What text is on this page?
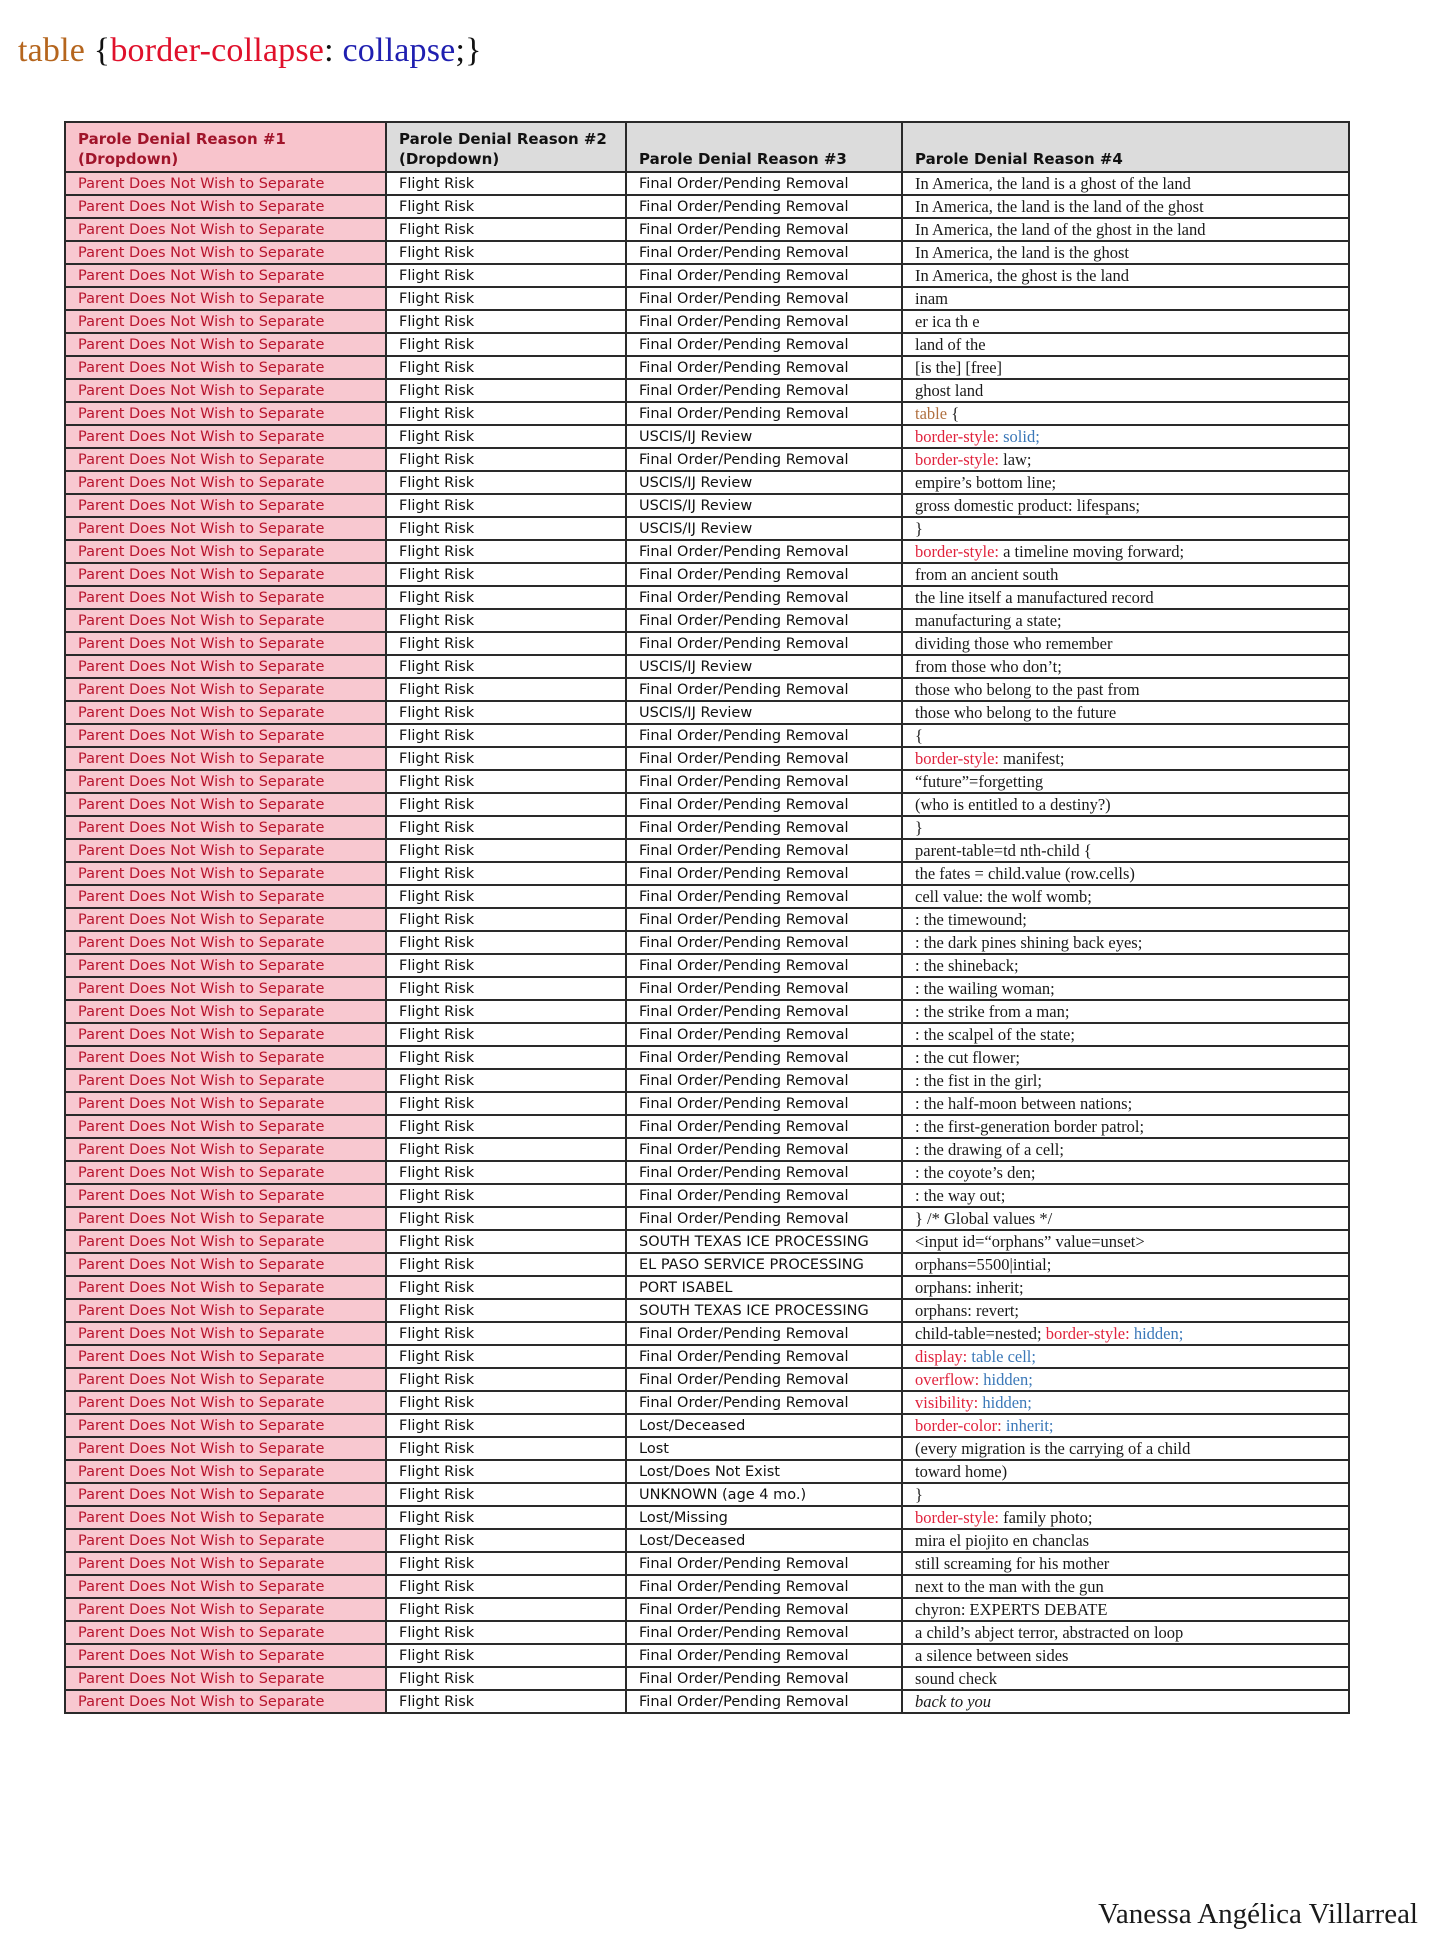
table {border-collapse: collapse;}
Parole Denial Reason #1 (Dropdown)	Parole Denial Reason #2 (Dropdown)	Parole Denial Reason #3	Parole Denial Reason #4
Parent Does Not Wish to Separate	Flight Risk	Final Order/Pending Removal	In America, the land is a ghost of the land
Parent Does Not Wish to Separate	Flight Risk	Final Order/Pending Removal	In America, the land is the land of the ghost
Parent Does Not Wish to Separate	Flight Risk	Final Order/Pending Removal	In America, the land of the ghost in the land
Parent Does Not Wish to Separate	Flight Risk	Final Order/Pending Removal	In America, the land is the ghost
Parent Does Not Wish to Separate	Flight Risk	Final Order/Pending Removal	In America, the ghost is the land
Parent Does Not Wish to Separate	Flight Risk	Final Order/Pending Removal	inam
Parent Does Not Wish to Separate	Flight Risk	Final Order/Pending Removal	er ica th e
Parent Does Not Wish to Separate	Flight Risk	Final Order/Pending Removal	land of the
Parent Does Not Wish to Separate	Flight Risk	Final Order/Pending Removal	[is the] [free]
Parent Does Not Wish to Separate	Flight Risk	Final Order/Pending Removal	ghost land
Parent Does Not Wish to Separate	Flight Risk	Final Order/Pending Removal	table {
Parent Does Not Wish to Separate	Flight Risk	USCIS/IJ Review	border-style: solid;
Parent Does Not Wish to Separate	Flight Risk	Final Order/Pending Removal	border-style: law;
Parent Does Not Wish to Separate	Flight Risk	USCIS/IJ Review	empire’s bottom line;
Parent Does Not Wish to Separate	Flight Risk	USCIS/IJ Review	gross domestic product: lifespans;
Parent Does Not Wish to Separate	Flight Risk	USCIS/IJ Review	}
Parent Does Not Wish to Separate	Flight Risk	Final Order/Pending Removal	border-style: a timeline moving forward;
Parent Does Not Wish to Separate	Flight Risk	Final Order/Pending Removal	from an ancient south
Parent Does Not Wish to Separate	Flight Risk	Final Order/Pending Removal	the line itself a manufactured record
Parent Does Not Wish to Separate	Flight Risk	Final Order/Pending Removal	manufacturing a state;
Parent Does Not Wish to Separate	Flight Risk	Final Order/Pending Removal	dividing those who remember
Parent Does Not Wish to Separate	Flight Risk	USCIS/IJ Review	from those who don’t;
Parent Does Not Wish to Separate	Flight Risk	Final Order/Pending Removal	those who belong to the past from
Parent Does Not Wish to Separate	Flight Risk	USCIS/IJ Review	those who belong to the future
Parent Does Not Wish to Separate	Flight Risk	Final Order/Pending Removal	{
Parent Does Not Wish to Separate	Flight Risk	Final Order/Pending Removal	border-style: manifest;
Parent Does Not Wish to Separate	Flight Risk	Final Order/Pending Removal	“future”=forgetting
Parent Does Not Wish to Separate	Flight Risk	Final Order/Pending Removal	(who is entitled to a destiny?)
Parent Does Not Wish to Separate	Flight Risk	Final Order/Pending Removal	}
Parent Does Not Wish to Separate	Flight Risk	Final Order/Pending Removal	parent-table=td nth-child {
Parent Does Not Wish to Separate	Flight Risk	Final Order/Pending Removal	the fates = child.value (row.cells)
Parent Does Not Wish to Separate	Flight Risk	Final Order/Pending Removal	cell value: the wolf womb;
Parent Does Not Wish to Separate	Flight Risk	Final Order/Pending Removal	: the timewound;
Parent Does Not Wish to Separate	Flight Risk	Final Order/Pending Removal	: the dark pines shining back eyes;
Parent Does Not Wish to Separate	Flight Risk	Final Order/Pending Removal	: the shineback;
Parent Does Not Wish to Separate	Flight Risk	Final Order/Pending Removal	: the wailing woman;
Parent Does Not Wish to Separate	Flight Risk	Final Order/Pending Removal	: the strike from a man;
Parent Does Not Wish to Separate	Flight Risk	Final Order/Pending Removal	: the scalpel of the state;
Parent Does Not Wish to Separate	Flight Risk	Final Order/Pending Removal	: the cut flower;
Parent Does Not Wish to Separate	Flight Risk	Final Order/Pending Removal	: the fist in the girl;
Parent Does Not Wish to Separate	Flight Risk	Final Order/Pending Removal	: the half-moon between nations;
Parent Does Not Wish to Separate	Flight Risk	Final Order/Pending Removal	: the first-generation border patrol;
Parent Does Not Wish to Separate	Flight Risk	Final Order/Pending Removal	: the drawing of a cell;
Parent Does Not Wish to Separate	Flight Risk	Final Order/Pending Removal	: the coyote’s den;
Parent Does Not Wish to Separate	Flight Risk	Final Order/Pending Removal	: the way out;
Parent Does Not Wish to Separate	Flight Risk	Final Order/Pending Removal	} /* Global values */
Parent Does Not Wish to Separate	Flight Risk	SOUTH TEXAS ICE PROCESSING	<input id=“orphans” value=unset>
Parent Does Not Wish to Separate	Flight Risk	EL PASO SERVICE PROCESSING	orphans=5500|intial;
Parent Does Not Wish to Separate	Flight Risk	PORT ISABEL	orphans: inherit;
Parent Does Not Wish to Separate	Flight Risk	SOUTH TEXAS ICE PROCESSING	orphans: revert;
Parent Does Not Wish to Separate	Flight Risk	Final Order/Pending Removal	child-table=nested; border-style: hidden;
Parent Does Not Wish to Separate	Flight Risk	Final Order/Pending Removal	display: table cell;
Parent Does Not Wish to Separate	Flight Risk	Final Order/Pending Removal	overflow: hidden;
Parent Does Not Wish to Separate	Flight Risk	Final Order/Pending Removal	visibility: hidden;
Parent Does Not Wish to Separate	Flight Risk	Lost/Deceased	border-color: inherit;
Parent Does Not Wish to Separate	Flight Risk	Lost	(every migration is the carrying of a child
Parent Does Not Wish to Separate	Flight Risk	Lost/Does Not Exist	toward home)
Parent Does Not Wish to Separate	Flight Risk	UNKNOWN (age 4 mo.)	}
Parent Does Not Wish to Separate	Flight Risk	Lost/Missing	border-style: family photo;
Parent Does Not Wish to Separate	Flight Risk	Lost/Deceased	mira el piojito en chanclas
Parent Does Not Wish to Separate	Flight Risk	Final Order/Pending Removal	still screaming for his mother
Parent Does Not Wish to Separate	Flight Risk	Final Order/Pending Removal	next to the man with the gun
Parent Does Not Wish to Separate	Flight Risk	Final Order/Pending Removal	chyron: EXPERTS DEBATE
Parent Does Not Wish to Separate	Flight Risk	Final Order/Pending Removal	a child’s abject terror, abstracted on loop
Parent Does Not Wish to Separate	Flight Risk	Final Order/Pending Removal	a silence between sides
Parent Does Not Wish to Separate	Flight Risk	Final Order/Pending Removal	sound check
Parent Does Not Wish to Separate	Flight Risk	Final Order/Pending Removal	back to you
Vanessa Angélica Villarreal
